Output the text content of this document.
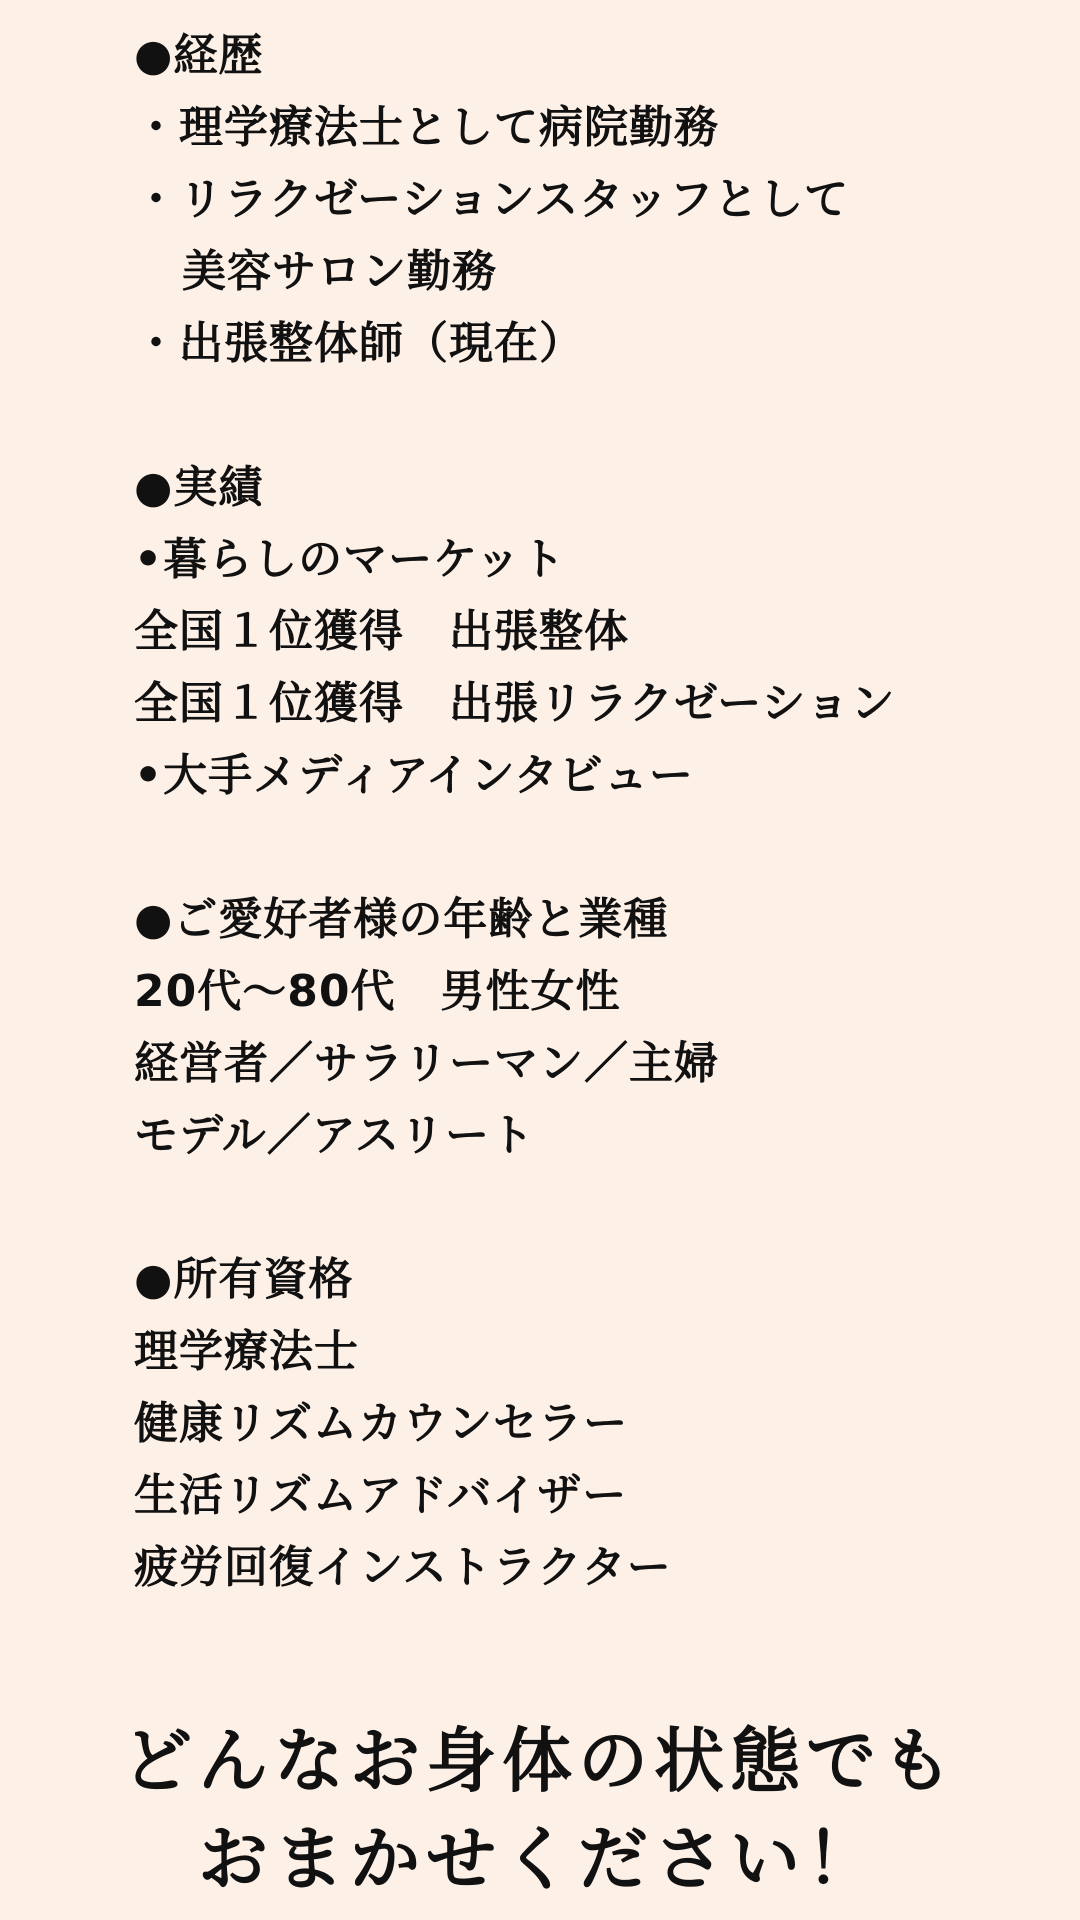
●経歴
・理学療法士として病院勤務
・リラクゼーションスタッフとして
美容サロン勤務
・出張整体師（現在）
●実績
•暮らしのマーケット
全国１位獲得　出張整体
全国１位獲得　出張リラクゼーション
•大手メディアインタビュー
●ご愛好者様の年齢と業種
20代〜80代　男性女性
経営者／サラリーマン／主婦
モデル／アスリート
●所有資格
理学療法士
健康リズムカウンセラー
生活リズムアドバイザー
疲労回復インストラクター
どんなお身体の状態でも
おまかせください！
